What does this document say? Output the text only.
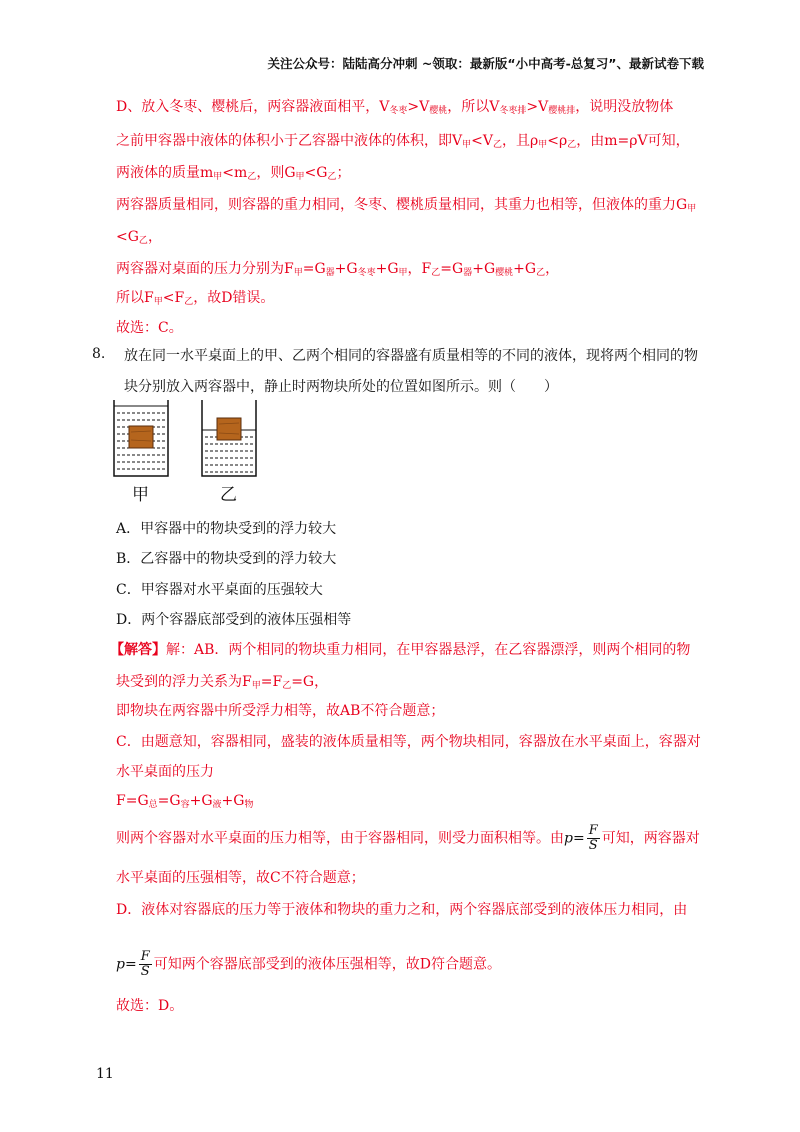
关注公众号：陆陆高分冲刺 ~领取：最新版“小中高考-总复习”、最新试卷下载
D、放入冬枣、樱桃后，两容器液面相平，$V_{冬枣}>V_{樱桃}$，所以$V_{冬枣排}>V_{樱桃排}$，说明没放物体
之前甲容器中液体的体积小于乙容器中液体的体积，即$V_甲<V_乙$，且$\rho_甲<\rho_乙$，由m=ρV可知，
两液体的质量$m_甲<m_乙$，则$G_甲<G_乙$；
两容器质量相同，则容器的重力相同，冬枣、樱桃质量相同，其重力也相等，但液体的重力$G_甲$
$<G_乙$，
两容器对桌面的压力分别为$F_甲=G_器+G_{冬枣}+G_甲$，$F_乙=G_器+G_{樱桃}+G_乙$，
所以$F_甲<F_乙$，故D错误。
故选：C。
8. 放在同一水平桌面上的甲、乙两个相同的容器盛有质量相等的不同的液体，现将两个相同的物
块分别放入两容器中，静止时两物块所处的位置如图所示。则（　　）
甲	乙
A．甲容器中的物块受到的浮力较大
B．乙容器中的物块受到的浮力较大
C．甲容器对水平桌面的压强较大
D．两个容器底部受到的液体压强相等
【解答】解：AB．两个相同的物块重力相同，在甲容器悬浮，在乙容器漂浮，则两个相同的物
块受到的浮力关系为$F_甲=F_乙=G$，
即物块在两容器中所受浮力相等，故AB不符合题意；
C．由题意知，容器相同，盛装的液体质量相等，两个物块相同，容器放在水平桌面上，容器对
水平桌面的压力
$F=G_总=G_容+G_液+G_物$
则两个容器对水平桌面的压力相等，由于容器相同，则受力面积相等。由$p= \frac{F}{S}$ 可知，两容器对
水平桌面的压强相等，故C不符合题意；
D．液体对容器底的压力等于液体和物块的重力之和，两个容器底部受到的液体压力相同，由
$p= \frac{F}{S}$ 可知两个容器底部受到的液体压强相等，故D符合题意。
故选：D。
11
